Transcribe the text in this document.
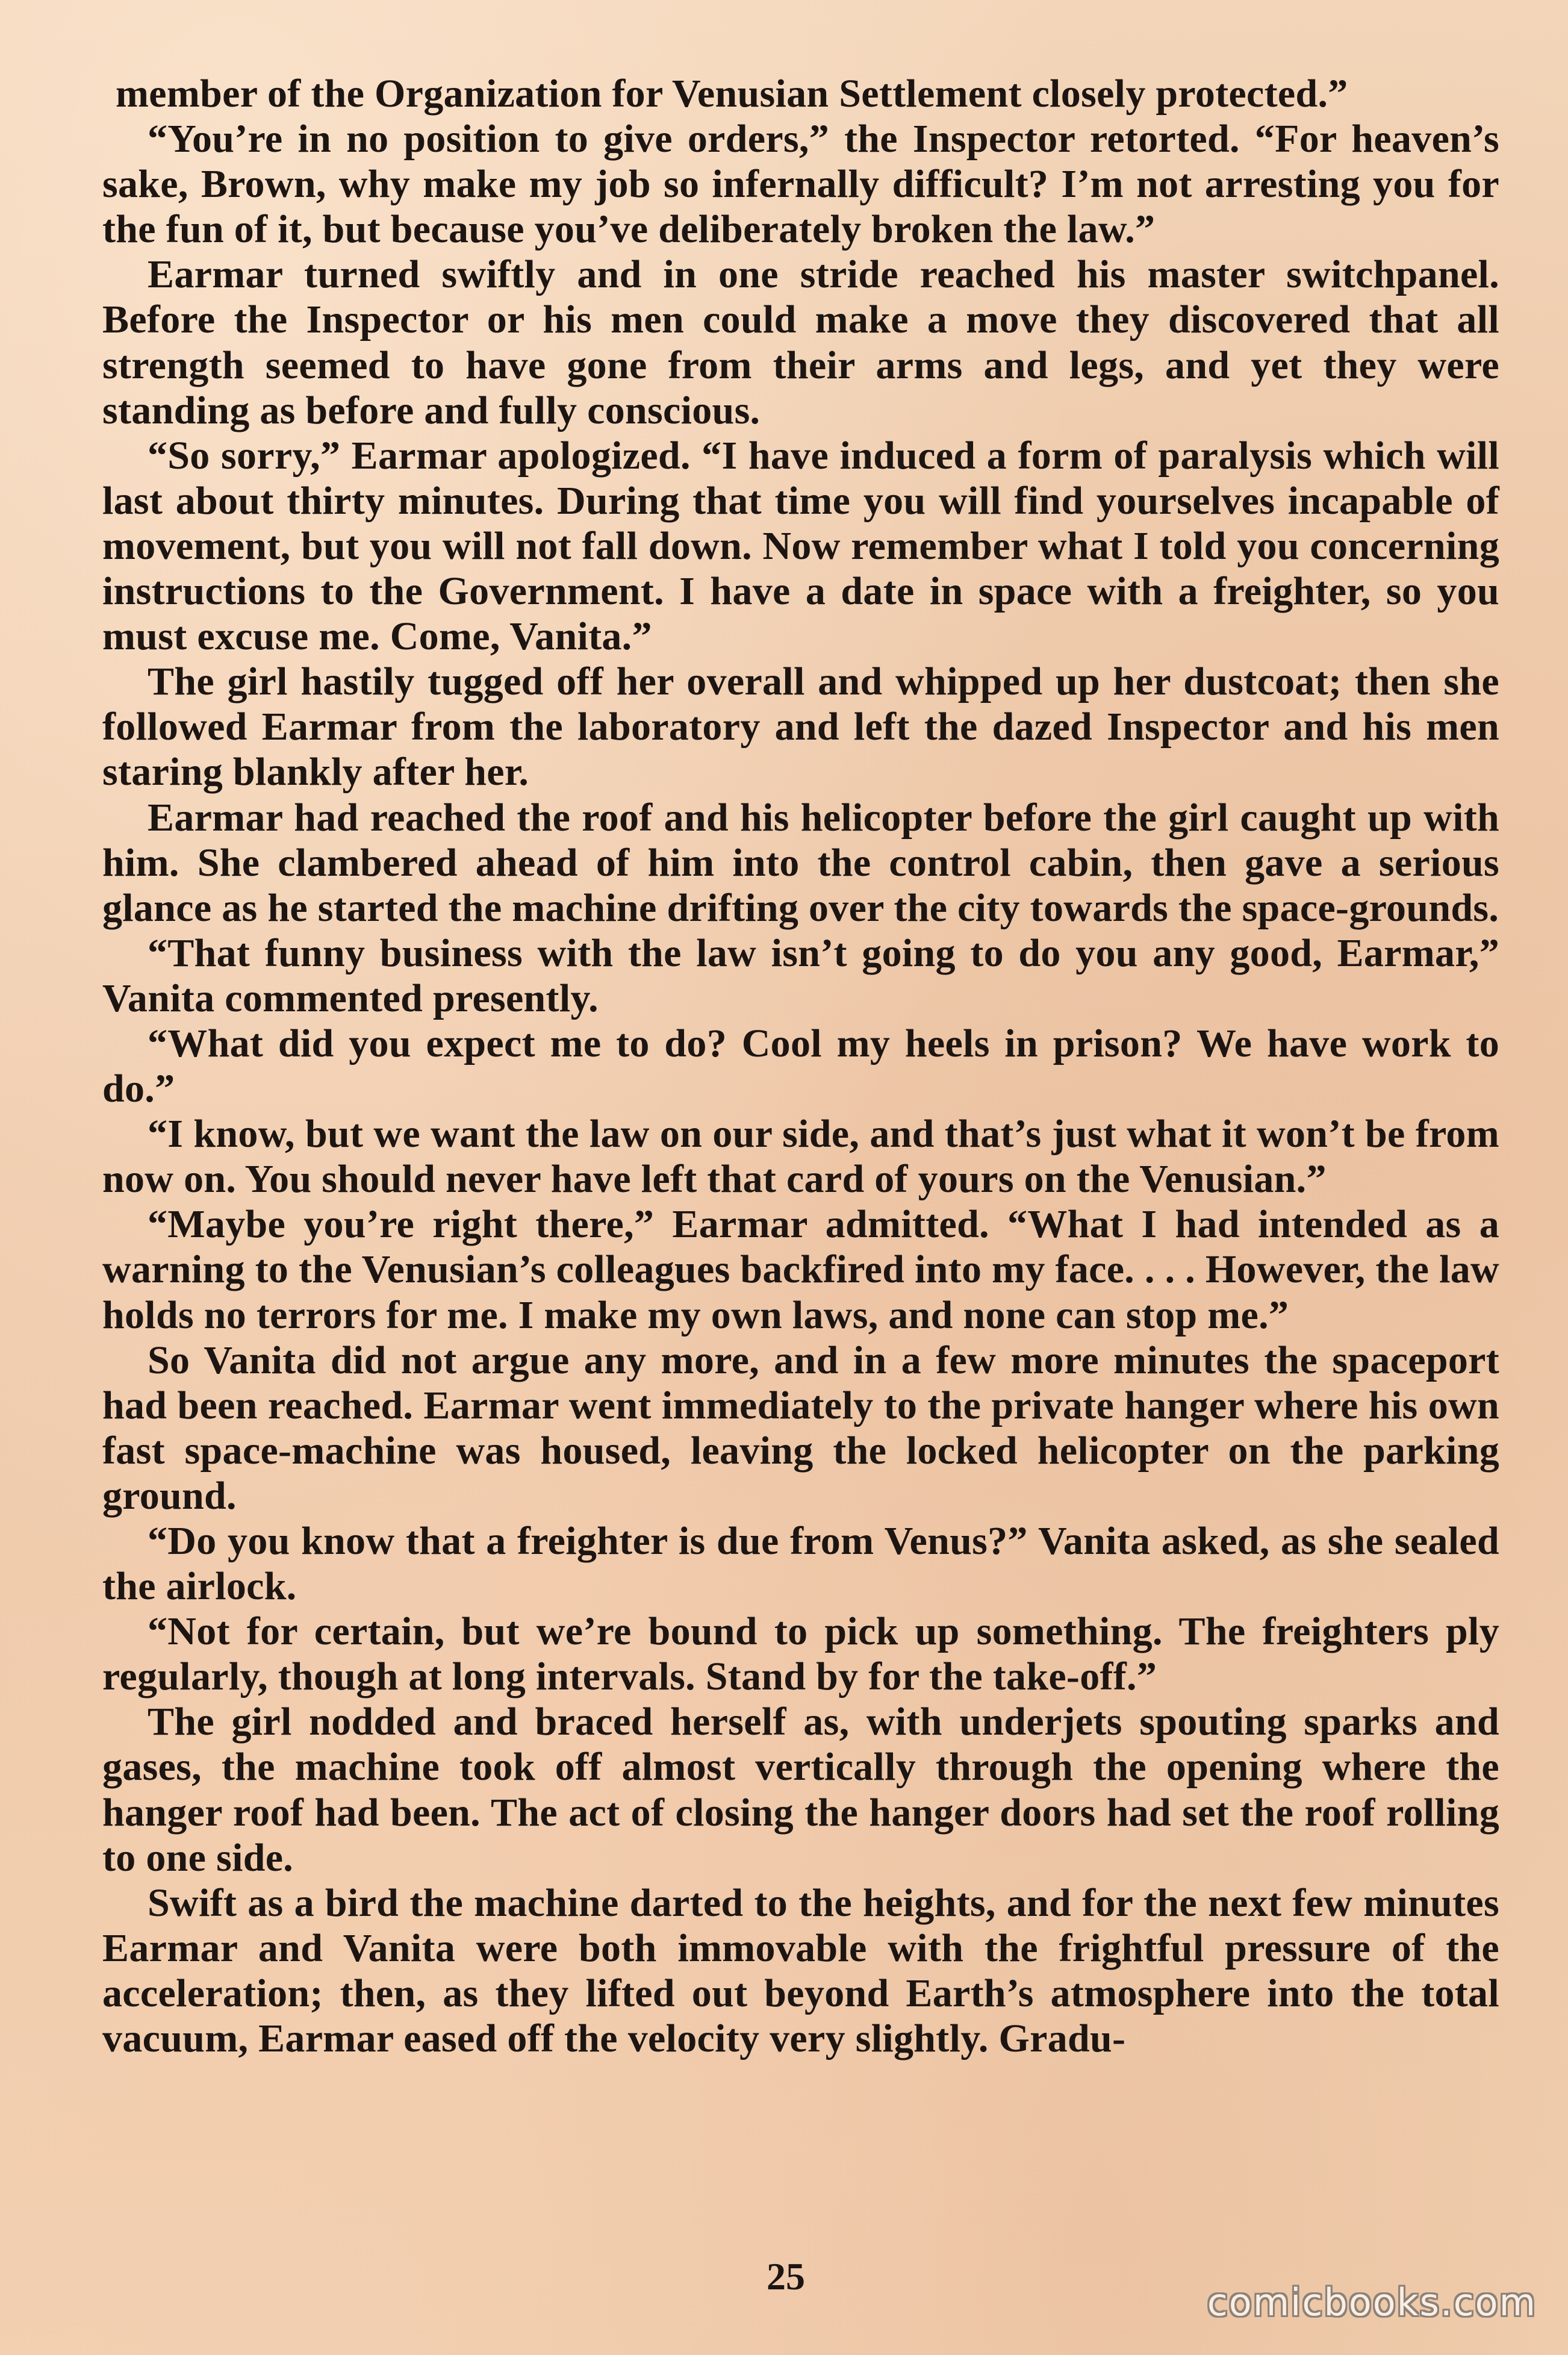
member of the Organization for Venusian Settlement closely protected.”

“You’re in no position to give orders,” the Inspector retorted. “For heaven’s sake, Brown, why make my job so infernally difficult? I’m not arresting you for the fun of it, but because you’ve deliberately broken the law.”

Earmar turned swiftly and in one stride reached his master switchpanel. Before the Inspector or his men could make a move they discovered that all strength seemed to have gone from their arms and legs, and yet they were standing as before and fully conscious.

“So sorry,” Earmar apologized. “I have induced a form of paralysis which will last about thirty minutes. During that time you will find yourselves incapable of movement, but you will not fall down. Now remember what I told you concerning instructions to the Government. I have a date in space with a freighter, so you must excuse me. Come, Vanita.”

The girl hastily tugged off her overall and whipped up her dustcoat; then she followed Earmar from the laboratory and left the dazed Inspector and his men staring blankly after her.

Earmar had reached the roof and his helicopter before the girl caught up with him. She clambered ahead of him into the control cabin, then gave a serious glance as he started the machine drifting over the city towards the space-grounds.

“That funny business with the law isn’t going to do you any good, Earmar,” Vanita commented presently.

“What did you expect me to do? Cool my heels in prison? We have work to do.”

“I know, but we want the law on our side, and that’s just what it won’t be from now on. You should never have left that card of yours on the Venusian.”

“Maybe you’re right there,” Earmar admitted. “What I had intended as a warning to the Venusian’s colleagues backfired into my face. . . . However, the law holds no terrors for me. I make my own laws, and none can stop me.”

So Vanita did not argue any more, and in a few more minutes the spaceport had been reached. Earmar went immediately to the private hanger where his own fast space-machine was housed, leaving the locked helicopter on the parking ground.

“Do you know that a freighter is due from Venus?” Vanita asked, as she sealed the airlock.

“Not for certain, but we’re bound to pick up something. The freighters ply regularly, though at long intervals. Stand by for the take-off.”

The girl nodded and braced herself as, with underjets spouting sparks and gases, the machine took off almost vertically through the opening where the hanger roof had been. The act of closing the hanger doors had set the roof rolling to one side.

Swift as a bird the machine darted to the heights, and for the next few minutes Earmar and Vanita were both immovable with the frightful pressure of the acceleration; then, as they lifted out beyond Earth’s atmosphere into the total vacuum, Earmar eased off the velocity very slightly. Gradu-

25
comicbooks.com
